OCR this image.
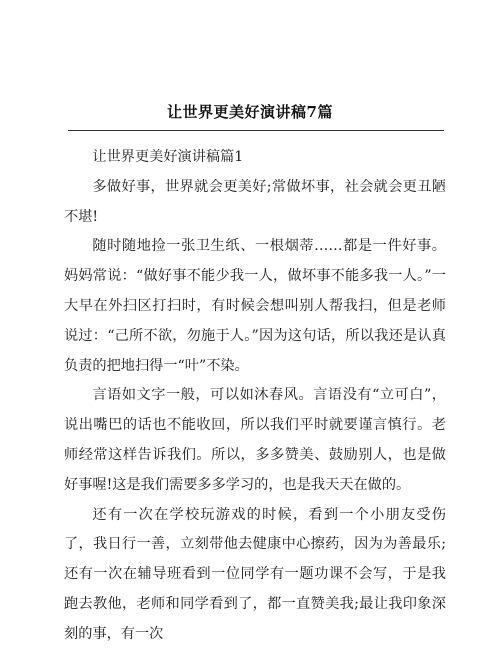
让世界更美好演讲稿7篇

让世界更美好演讲稿篇1

多做好事，世界就会更美好;常做坏事，社会就会更丑陋不堪!

随时随地捡一张卫生纸、一根烟蒂……都是一件好事。妈妈常说：“做好事不能少我一人，做坏事不能多我一人。”一大早在外扫区打扫时，有时候会想叫别人帮我扫，但是老师说过：“己所不欲，勿施于人。”因为这句话，所以我还是认真负责的把地扫得一“叶”不染。

言语如文字一般，可以如沐春风。言语没有“立可白”，说出嘴巴的话也不能收回，所以我们平时就要谨言慎行。老师经常这样告诉我们。所以，多多赞美、鼓励别人，也是做好事喔!这是我们需要多多学习的，也是我天天在做的。

还有一次在学校玩游戏的时候，看到一个小朋友受伤了，我日行一善，立刻带他去健康中心擦药，因为为善最乐;还有一次在辅导班看到一位同学有一题功课不会写，于是我跑去教他，老师和同学看到了，都一直赞美我;最让我印象深刻的事，有一次
